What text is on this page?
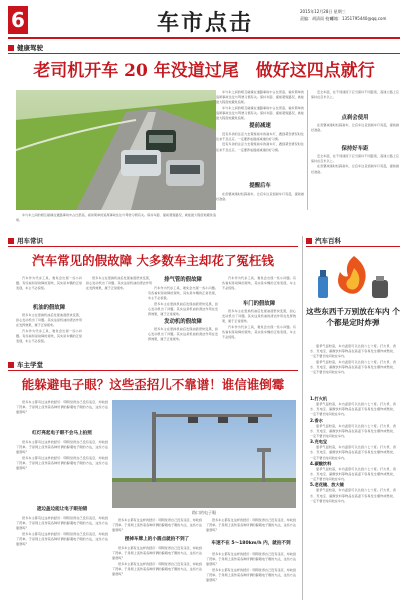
6	车市点击	2015年12月28日 星期三
责编：胡清雨 校对：
邮箱：1351795440@qq.com
健康驾驶
老司机开车 20 年没道过尾　做好这四点就行

车与车之间的相互碰撞在道路事故中占比很高，看似简单的追尾事故往往与驾驶习惯有关。保持车距、提前观察路况，就能最大程度地避免追尾。

车与车之间的相互碰撞在道路事故中占比很高，看似简单的追尾事故往往与驾驶习惯有关。保持车距、提前观察路况，就能最大程度地避免追尾。

提前减速

没有多余的注意力去观察前车的刹车灯，遇到紧急情况时往往来不及反应。一定要养成提前减速的好习惯。

没有多余的注意力去观察前车的刹车灯，遇到紧急情况时往往来不及反应。一定要养成提前减速的好习惯。

提醒后车

在需要减速时轻踩刹车，让后车注意到刹车灯亮起，提前做好准备。

安全车距，在不同速度下应当保持不同距离，高速公路上应保持在百米以上。

点刹会使用

在需要减速时轻踩刹车，让后车注意到刹车灯亮起，提前做好准备。

保持好车距

安全车距，在不同速度下应当保持不同距离，高速公路上应保持在百米以上。

在需要减速时轻踩刹车，让后车注意到刹车灯亮起，提前做好准备。

车与车之间的相互碰撞在道路事故中占比很高，看似简单的追尾事故往往与驾驶习惯有关。保持车距、提前观察路况，就能最大程度地避免追尾。

用车常识	汽车百科
汽车常见的假故障 大多数车主却花了冤枉钱

汽车作为代步工具，难免会出现一些小问题。有些看似是故障的现象，其实是车辆的正常表现，车主不必惊慌。

机油的假故障

很多车主在更换机油后发现油液很快变黑，担心发动机出了问题。其实这是机油的清洁作用在发挥效果，属于正常现象。

汽车作为代步工具，难免会出现一些小问题。有些看似是故障的现象，其实是车辆的正常表现，车主不必惊慌。

很多车主在更换机油后发现油液很快变黑，担心发动机出了问题。其实这是机油的清洁作用在发挥效果，属于正常现象。

排气管的假故障

汽车作为代步工具，难免会出现一些小问题。有些看似是故障的现象，其实是车辆的正常表现，车主不必惊慌。

很多车主在更换机油后发现油液很快变黑，担心发动机出了问题。其实这是机油的清洁作用在发挥效果，属于正常现象。

发动机的假故障

很多车主在更换机油后发现油液很快变黑，担心发动机出了问题。其实这是机油的清洁作用在发挥效果，属于正常现象。

汽车作为代步工具，难免会出现一些小问题。有些看似是故障的现象，其实是车辆的正常表现，车主不必惊慌。

车门的假故障

很多车主在更换机油后发现油液很快变黑，担心发动机出了问题。其实这是机油的清洁作用在发挥效果，属于正常现象。

汽车作为代步工具，难免会出现一些小问题。有些看似是故障的现象，其实是车辆的正常表现，车主不必惊慌。

这些东西千万别放在车内 个个都是定时炸弹

夏季气温较高，车内温度可以达到六七十度。打火机、香水、充电宝、碳酸饮料等物品在高温下容易发生爆炸或燃烧，一定不要长时间放在车内。

夏季气温较高，车内温度可以达到六七十度。打火机、香水、充电宝、碳酸饮料等物品在高温下容易发生爆炸或燃烧，一定不要长时间放在车内。

1.打火机

夏季气温较高，车内温度可以达到六七十度。打火机、香水、充电宝、碳酸饮料等物品在高温下容易发生爆炸或燃烧，一定不要长时间放在车内。

2.香水

夏季气温较高，车内温度可以达到六七十度。打火机、香水、充电宝、碳酸饮料等物品在高温下容易发生爆炸或燃烧，一定不要长时间放在车内。

3.充电宝

夏季气温较高，车内温度可以达到六七十度。打火机、香水、充电宝、碳酸饮料等物品在高温下容易发生爆炸或燃烧，一定不要长时间放在车内。

4.碳酸饮料

夏季气温较高，车内温度可以达到六七十度。打火机、香水、充电宝、碳酸饮料等物品在高温下容易发生爆炸或燃烧，一定不要长时间放在车内。

5.老花镜、放大镜

夏季气温较高，车内温度可以达到六七十度。打火机、香水、充电宝、碳酸饮料等物品在高温下容易发生爆炸或燃烧，一定不要长时间放在车内。

车主学堂
能躲避电子眼？这些歪招儿不靠谱！谁信谁倒霉

很多车主都有过这样的经历：明明觉得自己没有违章，却收到了罚单。于是网上流传着各种所谓的躲避电子眼的方法，这些方法靠谱吗？

红灯亮起电子眼不会马上拍照

很多车主都有过这样的经历：明明觉得自己没有违章，却收到了罚单。于是网上流传着各种所谓的躲避电子眼的方法，这些方法靠谱吗？

很多车主都有过这样的经历：明明觉得自己没有违章，却收到了罚单。于是网上流传着各种所谓的躲避电子眼的方法，这些方法靠谱吗？

遮边盖边能让电子眼拍错

很多车主都有过这样的经历：明明觉得自己没有违章，却收到了罚单。于是网上流传着各种所谓的躲避电子眼的方法，这些方法靠谱吗？

很多车主都有过这样的经历：明明觉得自己没有违章，却收到了罚单。于是网上流传着各种所谓的躲避电子眼的方法，这些方法靠谱吗？

路口的电子眼

很多车主都有过这样的经历：明明觉得自己没有违章，却收到了罚单。于是网上流传着各种所谓的躲避电子眼的方法，这些方法靠谱吗？

摆掉车牌上的小圆点就拍不到了

很多车主都有过这样的经历：明明觉得自己没有违章，却收到了罚单。于是网上流传着各种所谓的躲避电子眼的方法，这些方法靠谱吗？

很多车主都有过这样的经历：明明觉得自己没有违章，却收到了罚单。于是网上流传着各种所谓的躲避电子眼的方法，这些方法靠谱吗？

很多车主都有过这样的经历：明明觉得自己没有违章，却收到了罚单。于是网上流传着各种所谓的躲避电子眼的方法，这些方法靠谱吗？

车速不在 5～180km/h 内，就拍不到

很多车主都有过这样的经历：明明觉得自己没有违章，却收到了罚单。于是网上流传着各种所谓的躲避电子眼的方法，这些方法靠谱吗？

很多车主都有过这样的经历：明明觉得自己没有违章，却收到了罚单。于是网上流传着各种所谓的躲避电子眼的方法，这些方法靠谱吗？
